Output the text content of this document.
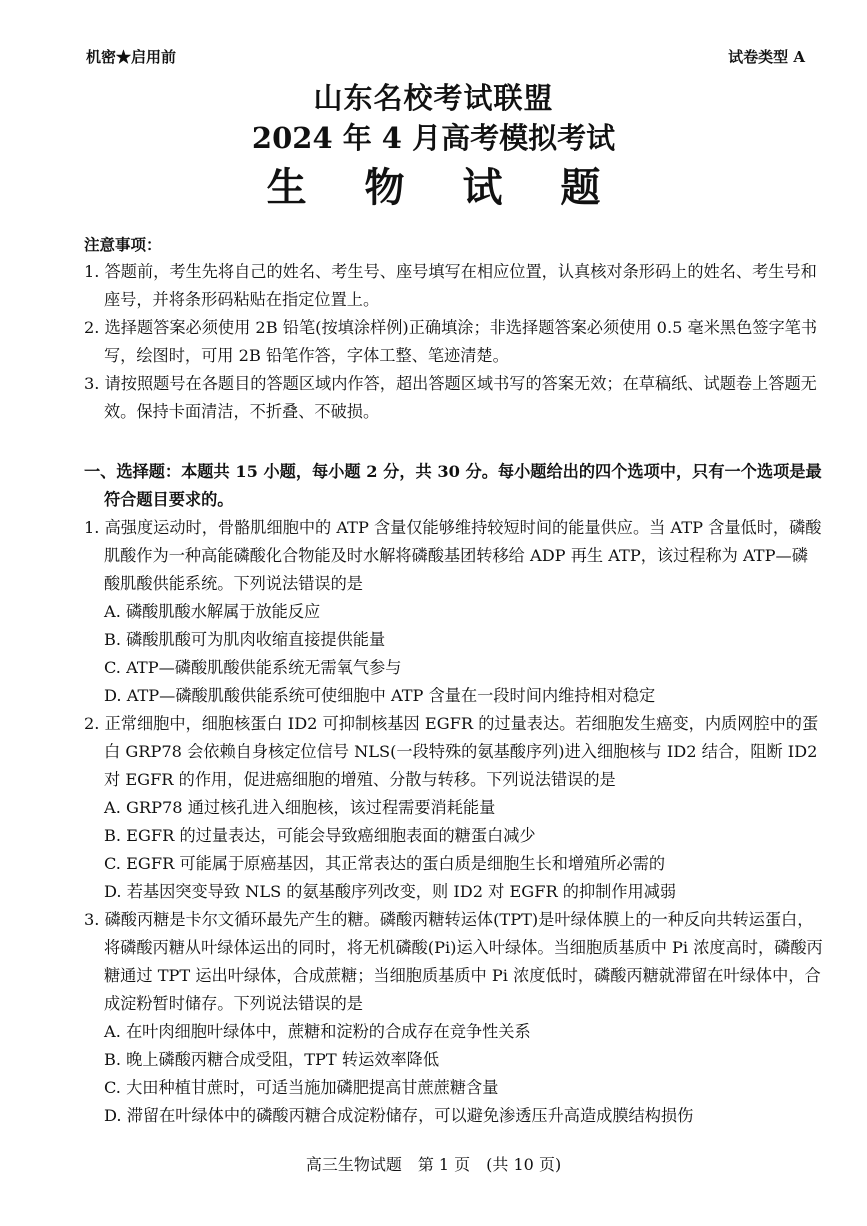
机密★启用前	试卷类型 A
山东名校考试联盟
2024 年 4 月高考模拟考试
生 物 试 题
注意事项：
1. 答题前，考生先将自己的姓名、考生号、座号填写在相应位置，认真核对条形码上的姓名、考生号和座号，并将条形码粘贴在指定位置上。
2. 选择题答案必须使用 2B 铅笔(按填涂样例)正确填涂；非选择题答案必须使用 0.5 毫米黑色签字笔书写，绘图时，可用 2B 铅笔作答，字体工整、笔迹清楚。
3. 请按照题号在各题目的答题区域内作答，超出答题区域书写的答案无效；在草稿纸、试题卷上答题无效。保持卡面清洁，不折叠、不破损。
一、选择题：本题共 15 小题，每小题 2 分，共 30 分。每小题给出的四个选项中，只有一个选项是最符合题目要求的。
1. 高强度运动时，骨骼肌细胞中的 ATP 含量仅能够维持较短时间的能量供应。当 ATP 含量低时，磷酸肌酸作为一种高能磷酸化合物能及时水解将磷酸基团转移给 ADP 再生 ATP，该过程称为 ATP—磷酸肌酸供能系统。下列说法错误的是
A. 磷酸肌酸水解属于放能反应
B. 磷酸肌酸可为肌肉收缩直接提供能量
C. ATP—磷酸肌酸供能系统无需氧气参与
D. ATP—磷酸肌酸供能系统可使细胞中 ATP 含量在一段时间内维持相对稳定
2. 正常细胞中，细胞核蛋白 ID2 可抑制核基因 EGFR 的过量表达。若细胞发生癌变，内质网腔中的蛋白 GRP78 会依赖自身核定位信号 NLS(一段特殊的氨基酸序列)进入细胞核与 ID2 结合，阻断 ID2 对 EGFR 的作用，促进癌细胞的增殖、分散与转移。下列说法错误的是
A. GRP78 通过核孔进入细胞核，该过程需要消耗能量
B. EGFR 的过量表达，可能会导致癌细胞表面的糖蛋白减少
C. EGFR 可能属于原癌基因，其正常表达的蛋白质是细胞生长和增殖所必需的
D. 若基因突变导致 NLS 的氨基酸序列改变，则 ID2 对 EGFR 的抑制作用减弱
3. 磷酸丙糖是卡尔文循环最先产生的糖。磷酸丙糖转运体(TPT)是叶绿体膜上的一种反向共转运蛋白，将磷酸丙糖从叶绿体运出的同时，将无机磷酸(Pi)运入叶绿体。当细胞质基质中 Pi 浓度高时，磷酸丙糖通过 TPT 运出叶绿体，合成蔗糖；当细胞质基质中 Pi 浓度低时，磷酸丙糖就滞留在叶绿体中，合成淀粉暂时储存。下列说法错误的是
A. 在叶肉细胞叶绿体中，蔗糖和淀粉的合成存在竞争性关系
B. 晚上磷酸丙糖合成受阻，TPT 转运效率降低
C. 大田种植甘蔗时，可适当施加磷肥提高甘蔗蔗糖含量
D. 滞留在叶绿体中的磷酸丙糖合成淀粉储存，可以避免渗透压升高造成膜结构损伤
高三生物试题　第 1 页　(共 10 页)
